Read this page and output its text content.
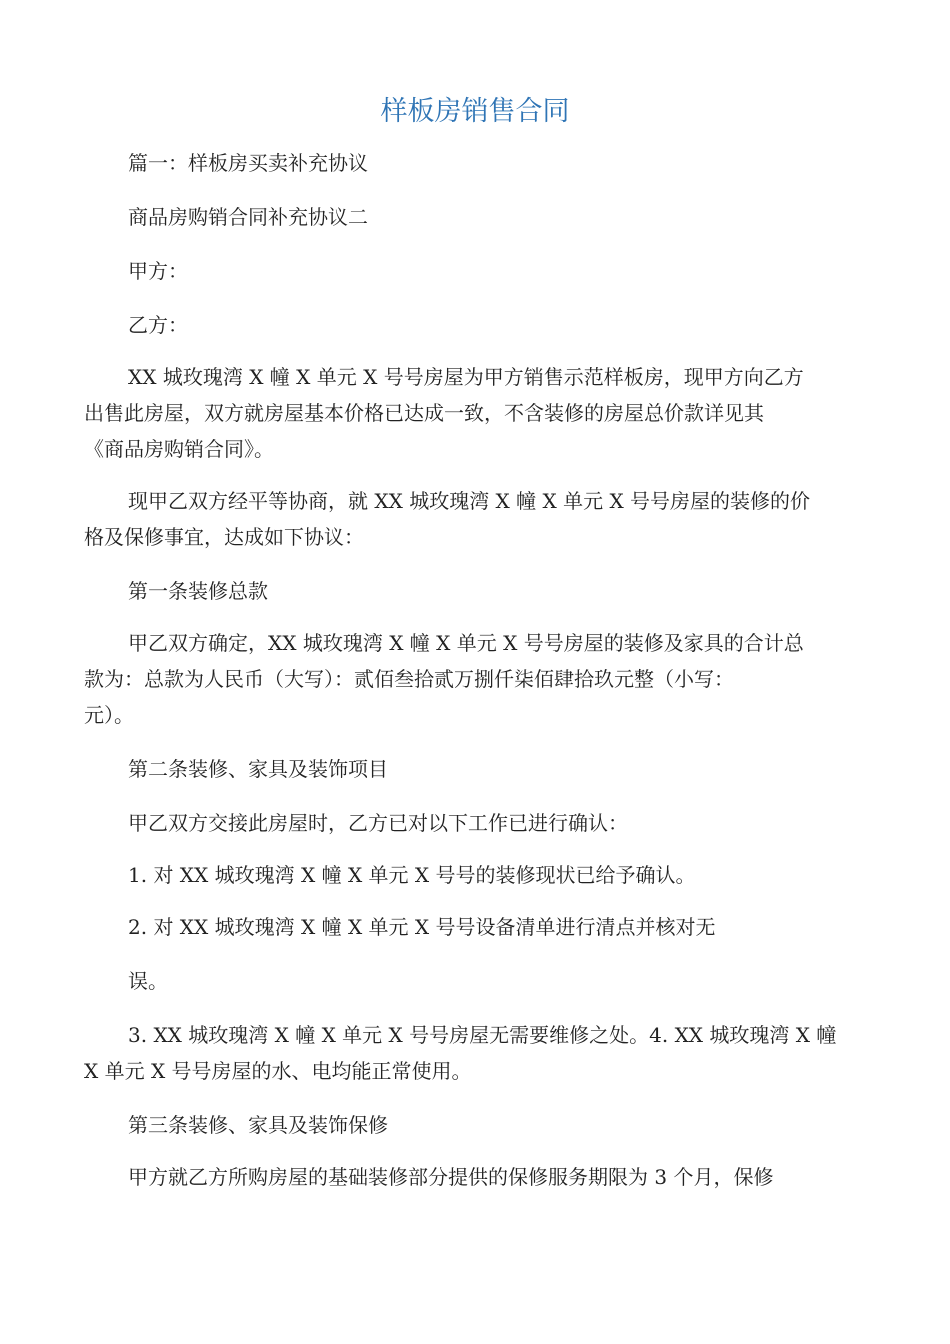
样板房销售合同

篇一：样板房买卖补充协议

商品房购销合同补充协议二

甲方：

乙方：

XX 城玫瑰湾 X 幢 X 单元 X 号号房屋为甲方销售示范样板房，现甲方向乙方

出售此房屋，双方就房屋基本价格已达成一致，不含装修的房屋总价款详见其

《商品房购销合同》。

现甲乙双方经平等协商，就 XX 城玫瑰湾 X 幢 X 单元 X 号号房屋的装修的价

格及保修事宜，达成如下协议：

第一条装修总款

甲乙双方确定，XX 城玫瑰湾 X 幢 X 单元 X 号号房屋的装修及家具的合计总

款为：总款为人民币（大写）：贰佰叁拾贰万捌仟柒佰肆拾玖元整（小写：

元）。

第二条装修、家具及装饰项目

甲乙双方交接此房屋时，乙方已对以下工作已进行确认：

1. 对 XX 城玫瑰湾 X 幢 X 单元 X 号号的装修现状已给予确认。

2. 对 XX 城玫瑰湾 X 幢 X 单元 X 号号设备清单进行清点并核对无

误。

3. XX 城玫瑰湾 X 幢 X 单元 X 号号房屋无需要维修之处。4. XX 城玫瑰湾 X 幢

X 单元 X 号号房屋的水、电均能正常使用。

第三条装修、家具及装饰保修

甲方就乙方所购房屋的基础装修部分提供的保修服务期限为 3 个月，保修
